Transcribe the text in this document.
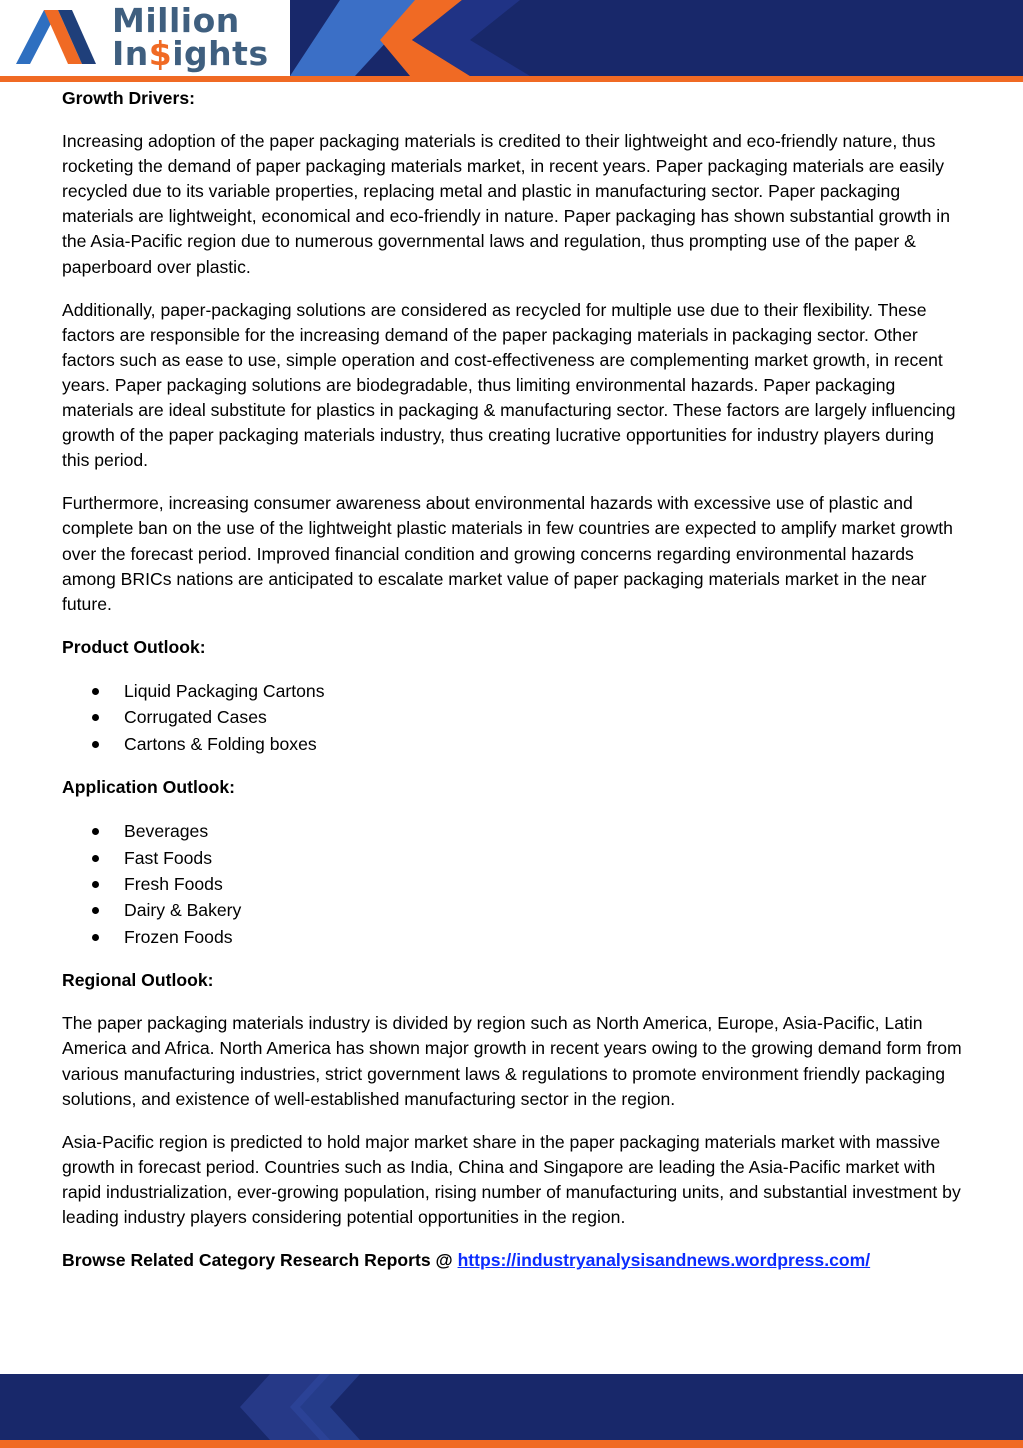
Million
In$ights

Growth Drivers:

Increasing adoption of the paper packaging materials is credited to their lightweight and eco-friendly nature, thus rocketing the demand of paper packaging materials market, in recent years. Paper packaging materials are easily recycled due to its variable properties, replacing metal and plastic in manufacturing sector. Paper packaging materials are lightweight, economical and eco-friendly in nature. Paper packaging has shown substantial growth in the Asia-Pacific region due to numerous governmental laws and regulation, thus prompting use of the paper & paperboard over plastic.

Additionally, paper-packaging solutions are considered as recycled for multiple use due to their flexibility. These factors are responsible for the increasing demand of the paper packaging materials in packaging sector. Other factors such as ease to use, simple operation and cost-effectiveness are complementing market growth, in recent years. Paper packaging solutions are biodegradable, thus limiting environmental hazards. Paper packaging materials are ideal substitute for plastics in packaging & manufacturing sector. These factors are largely influencing growth of the paper packaging materials industry, thus creating lucrative opportunities for industry players during this period.

Furthermore, increasing consumer awareness about environmental hazards with excessive use of plastic and complete ban on the use of the lightweight plastic materials in few countries are expected to amplify market growth over the forecast period. Improved financial condition and growing concerns regarding environmental hazards among BRICs nations are anticipated to escalate market value of paper packaging materials market in the near future.

Product Outlook:

Liquid Packaging Cartons
Corrugated Cases
Cartons & Folding boxes

Application Outlook:

Beverages
Fast Foods
Fresh Foods
Dairy & Bakery
Frozen Foods

Regional Outlook:

The paper packaging materials industry is divided by region such as North America, Europe, Asia-Pacific, Latin America and Africa. North America has shown major growth in recent years owing to the growing demand form from various manufacturing industries, strict government laws & regulations to promote environment friendly packaging solutions, and existence of well-established manufacturing sector in the region.

Asia-Pacific region is predicted to hold major market share in the paper packaging materials market with massive growth in forecast period. Countries such as India, China and Singapore are leading the Asia-Pacific market with rapid industrialization, ever-growing population, rising number of manufacturing units, and substantial investment by leading industry players considering potential opportunities in the region.

Browse Related Category Research Reports @ https://industryanalysisandnews.wordpress.com/
